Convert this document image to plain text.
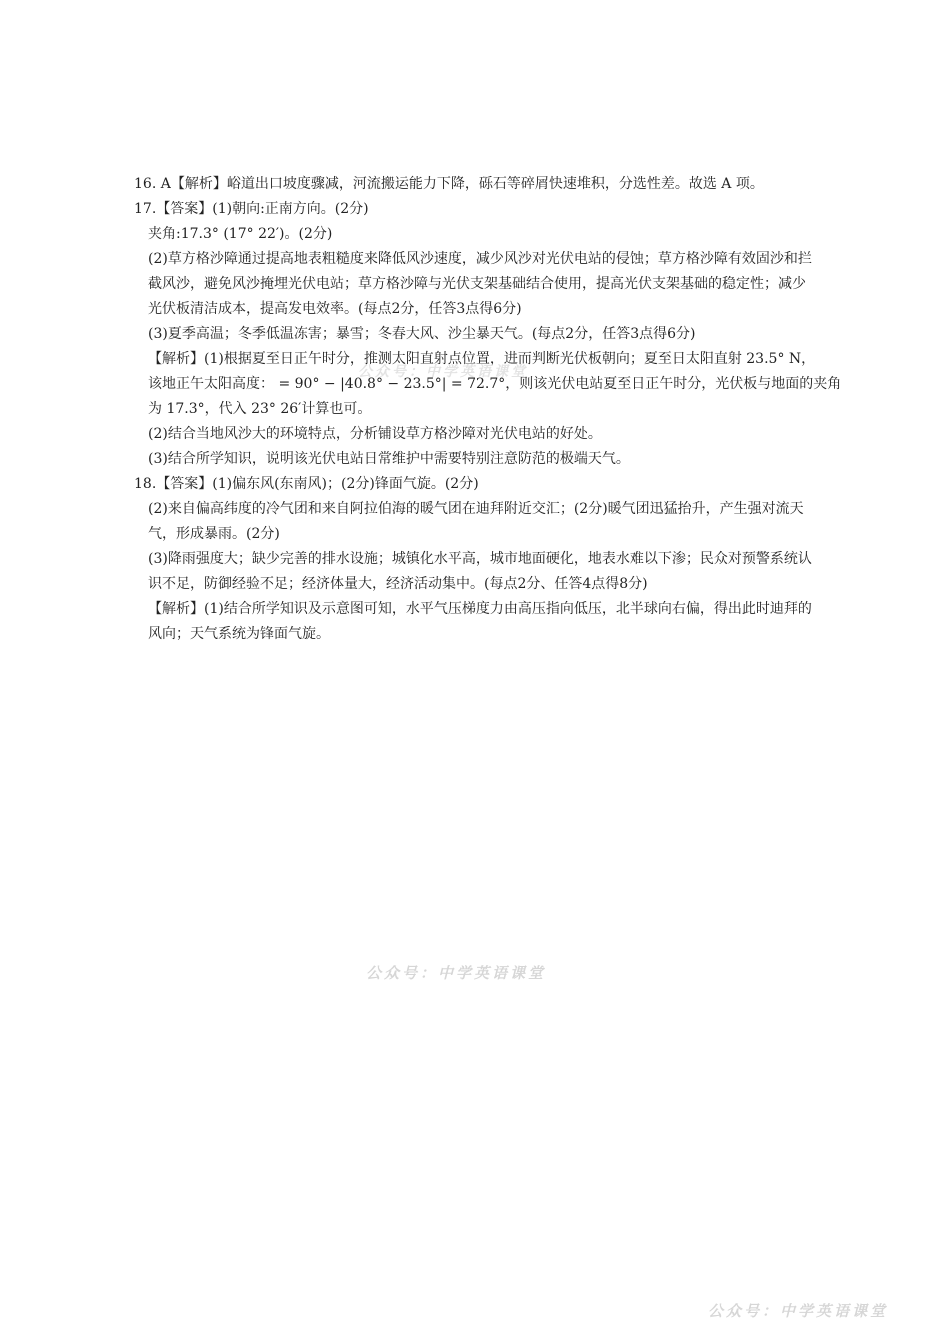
16. A【解析】峪道出口坡度骤减，河流搬运能力下降，砾石等碎屑快速堆积，分选性差。故选 A 项。
17.【答案】(1)朝向:正南方向。(2分)
夹角:17.3° (17° 22′)。(2分)
(2)草方格沙障通过提高地表粗糙度来降低风沙速度，减少风沙对光伏电站的侵蚀；草方格沙障有效固沙和拦
截风沙，避免风沙掩埋光伏电站；草方格沙障与光伏支架基础结合使用，提高光伏支架基础的稳定性；减少
光伏板清洁成本，提高发电效率。(每点2分，任答3点得6分)
(3)夏季高温；冬季低温冻害；暴雪；冬春大风、沙尘暴天气。(每点2分，任答3点得6分)
【解析】(1)根据夏至日正午时分，推测太阳直射点位置，进而判断光伏板朝向；夏至日太阳直射 23.5° N，
该地正午太阳高度： = 90° − |40.8° − 23.5°| = 72.7°，则该光伏电站夏至日正午时分，光伏板与地面的夹角
为 17.3°，代入 23° 26′计算也可。
(2)结合当地风沙大的环境特点，分析铺设草方格沙障对光伏电站的好处。
(3)结合所学知识，说明该光伏电站日常维护中需要特别注意防范的极端天气。
18.【答案】(1)偏东风(东南风)；(2分)锋面气旋。(2分)
(2)来自偏高纬度的冷气团和来自阿拉伯海的暖气团在迪拜附近交汇；(2分)暖气团迅猛抬升，产生强对流天
气，形成暴雨。(2分)
(3)降雨强度大；缺少完善的排水设施；城镇化水平高，城市地面硬化，地表水难以下渗；民众对预警系统认
识不足，防御经验不足；经济体量大，经济活动集中。(每点2分、任答4点得8分)
【解析】(1)结合所学知识及示意图可知，水平气压梯度力由高压指向低压，北半球向右偏，得出此时迪拜的
风向；天气系统为锋面气旋。
公众号：中学英语课堂
公众号：中学英语课堂
公众号：中学英语课堂
